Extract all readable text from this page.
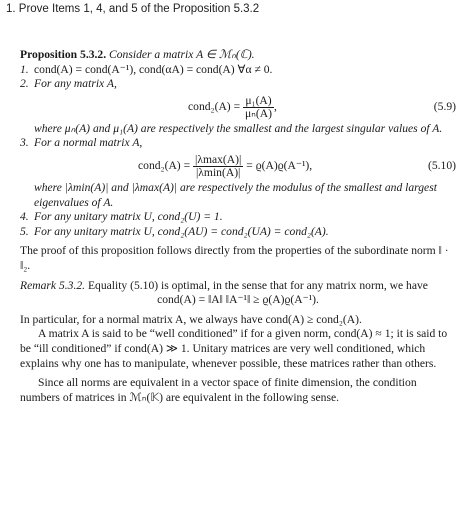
1. Prove Items 1, 4, and 5 of the Proposition 5.3.2
Proposition 5.3.2. Consider a matrix A ∈ ℳₙ(ℂ).
1. cond(A) = cond(A⁻¹), cond(αA) = cond(A) ∀α ≠ 0.
2. For any matrix A,
cond₂(A) = $\frac{\text{μ₁(A)}}{\text{μₙ(A)}}$ ,	(5.9)
where μₙ(A) and μ₁(A) are respectively the smallest and the largest singular values of A.
3. For a normal matrix A,
cond₂(A) = $\frac{|\lambda\max(A)|}{|\lambda\min(A)|} = ϱ(A)ϱ(A^{-1})$,	(5.10)
where |λmin(A)| and |λmax(A)| are respectively the modulus of the smallest and largest eigenvalues of A.
4. For any unitary matrix U, cond₂(U) = 1.
5. For any unitary matrix U, cond₂(AU) = cond₂(UA) = cond₂(A).
The proof of this proposition follows directly from the properties of the subordinate norm ‖ · ‖₂.
Remark 5.3.2. Equality (5.10) is optimal, in the sense that for any matrix norm, we have
cond(A) = ‖A‖ ‖A⁻¹‖ ≥ ϱ(A)ϱ(A⁻¹).
In particular, for a normal matrix A, we always have cond(A) ≥ cond₂(A).
A matrix A is said to be “well conditioned” if for a given norm, cond(A) ≈ 1; it is said to be “ill conditioned” if cond(A) ≫ 1. Unitary matrices are very well conditioned, which explains why one has to manipulate, whenever possible, these matrices rather than others.
Since all norms are equivalent in a vector space of finite dimension, the condition numbers of matrices in ℳₙ(𝕂) are equivalent in the following sense.
